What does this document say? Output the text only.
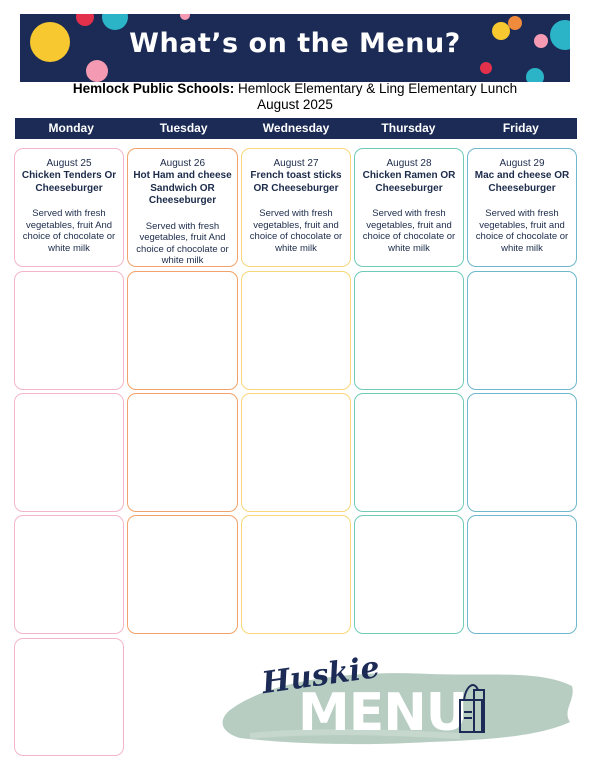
What’s on the Menu?
Hemlock Public Schools: Hemlock Elementary & Ling Elementary Lunch
August 2025
Monday	Tuesday	Wednesday	Thursday	Friday
August 25
Chicken Tenders Or Cheeseburger
Served with fresh vegetables, fruit And choice of chocolate or white milk
August 26
Hot Ham and cheese Sandwich OR Cheeseburger
Served with fresh vegetables, fruit And choice of chocolate or white milk
August 27
French toast sticks OR Cheeseburger
Served with fresh vegetables, fruit and choice of chocolate or white milk
August 28
Chicken Ramen OR Cheeseburger
Served with fresh vegetables, fruit and choice of chocolate or white milk
August 29
Mac and cheese OR Cheeseburger
Served with fresh vegetables, fruit and choice of chocolate or white milk
Huskie
MENU
